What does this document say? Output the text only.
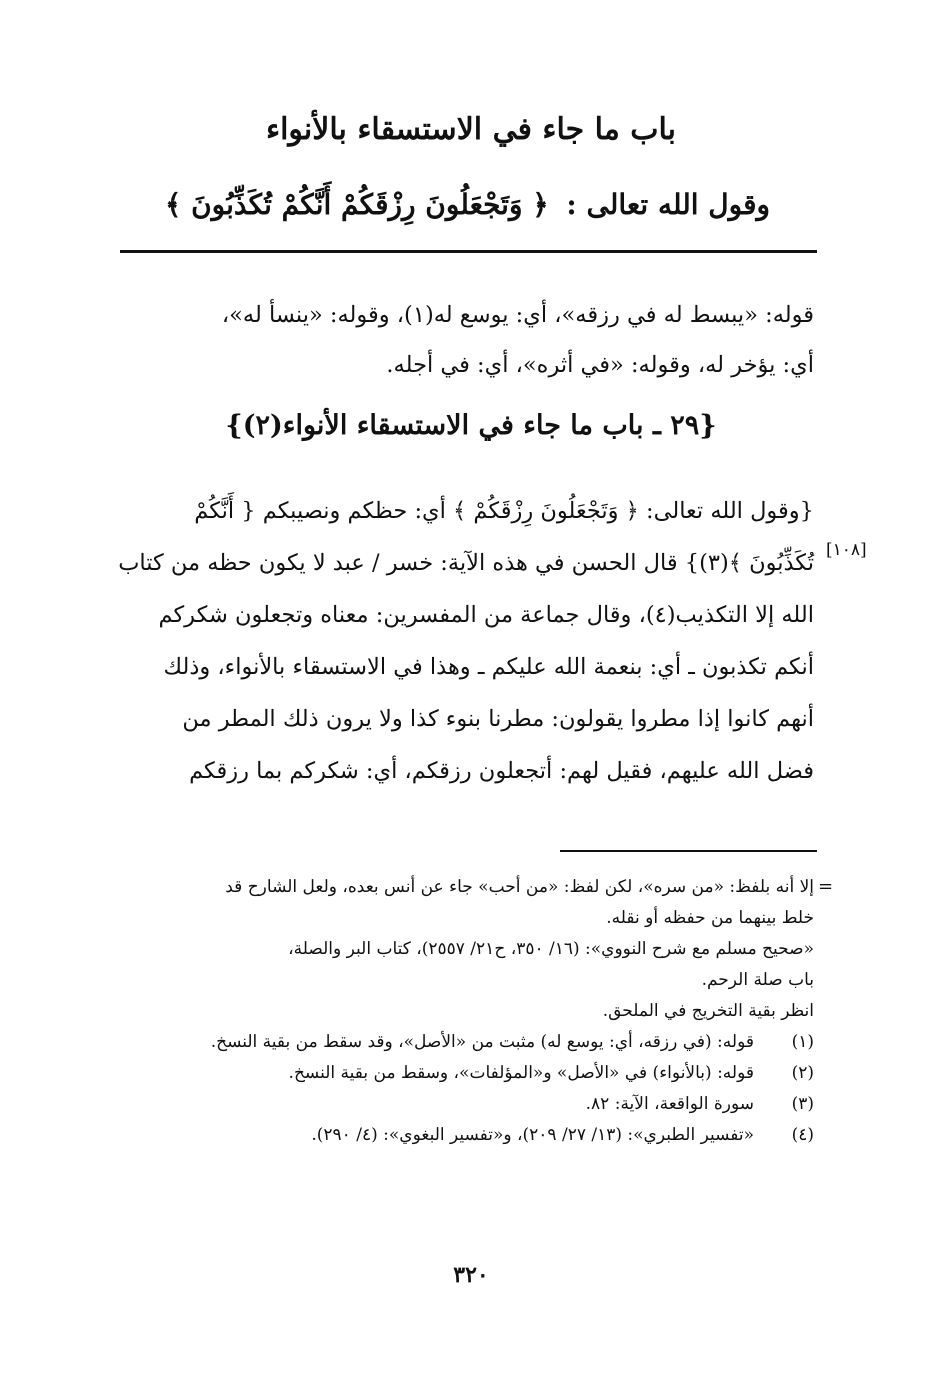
باب ما جاء في الاستسقاء بالأنواء
وقول الله تعالى : ﴿ وَتَجْعَلُونَ رِزْقَكُمْ أَنَّكُمْ تُكَذِّبُونَ ﴾
قوله: «يبسط له في رزقه»، أي: يوسع له(١)، وقوله: «ينسأ له»،
أي: يؤخر له، وقوله: «في أثره»، أي: في أجله.
{٢٩ ـ باب ما جاء في الاستسقاء الأنواء(٢)}
[١٠٨]
{وقول الله تعالى: ﴿ وَتَجْعَلُونَ رِزْقَكُمْ ﴾ أي: حظكم ونصيبكم { أَنَّكُمْ
تُكَذِّبُونَ ﴾(٣)} قال الحسن في هذه الآية: خسر / عبد لا يكون حظه من كتاب
الله إلا التكذيب(٤)، وقال جماعة من المفسرين: معناه وتجعلون شكركم
أنكم تكذبون ـ أي: بنعمة الله عليكم ـ وهذا في الاستسقاء بالأنواء، وذلك
أنهم كانوا إذا مطروا يقولون: مطرنا بنوء كذا ولا يرون ذلك المطر من
فضل الله عليهم، فقيل لهم: أتجعلون رزقكم، أي: شكركم بما رزقكم
=
إلا أنه بلفظ: «من سره»، لكن لفظ: «من أحب» جاء عن أنس بعده، ولعل الشارح قد
خلط بينهما من حفظه أو نقله.
«صحيح مسلم مع شرح النووي»: (١٦/ ٣٥٠، ح٢١/ ٢٥٥٧)، كتاب البر والصلة،
باب صلة الرحم.
انظر بقية التخريج في الملحق.
(١)
قوله: (في رزقه، أي: يوسع له) مثبت من «الأصل»، وقد سقط من بقية النسخ.
(٢)
قوله: (بالأنواء) في «الأصل» و«المؤلفات»، وسقط من بقية النسخ.
(٣)
سورة الواقعة، الآية: ٨٢.
(٤)
«تفسير الطبري»: (١٣/ ٢٧/ ٢٠٩)، و«تفسير البغوي»: (٤/ ٢٩٠).
٣٢٠
